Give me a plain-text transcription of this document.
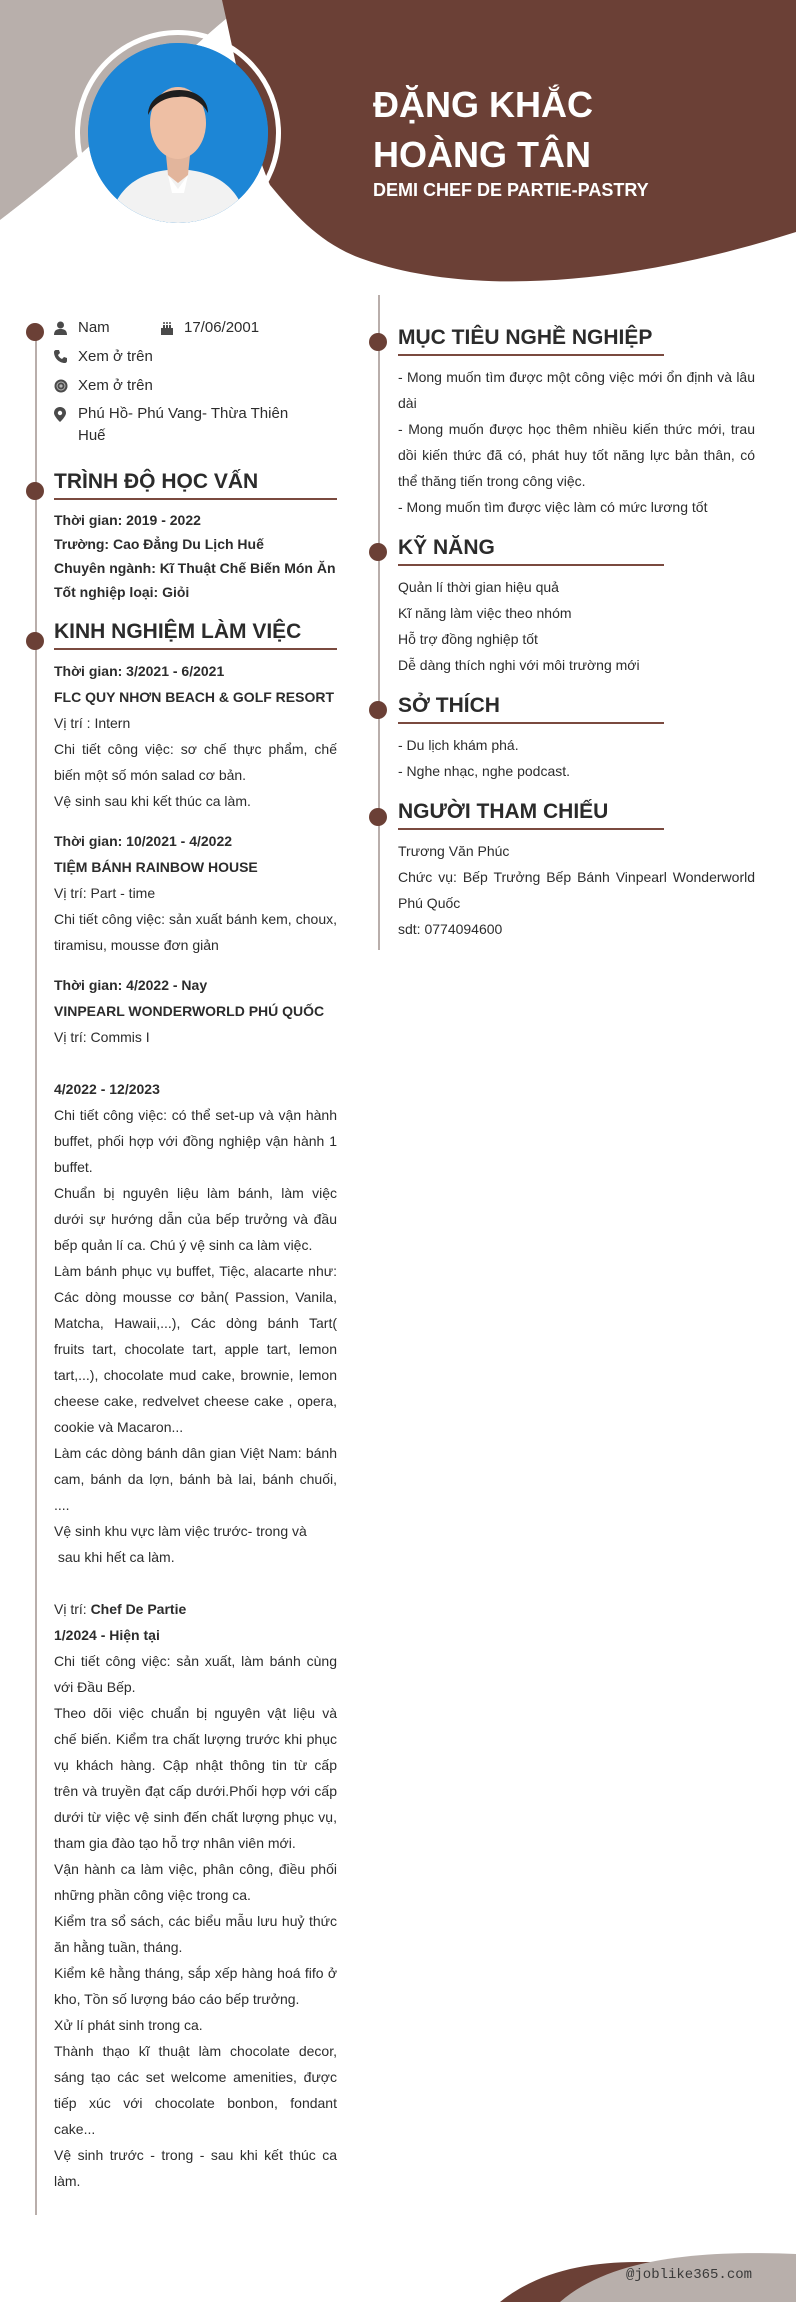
ĐẶNG KHẮC
HOÀNG TÂN
DEMI CHEF DE PARTIE-PASTRY
Nam	17/06/2001
Xem ở trên
Xem ở trên
Phú Hồ- Phú Vang- Thừa Thiên Huế
TRÌNH ĐỘ HỌC VẤN
Thời gian: 2019 - 2022
Trường: Cao Đẳng Du Lịch Huế
Chuyên ngành: Kĩ Thuật Chế Biến Món Ăn
Tốt nghiệp loại: Giỏi
KINH NGHIỆM LÀM VIỆC
Thời gian: 3/2021 - 6/2021
FLC QUY NHƠN BEACH & GOLF RESORT
Vị trí : Intern
Chi tiết công việc: sơ chế thực phẩm, chế biến một số món salad cơ bản.
Vệ sinh sau khi kết thúc ca làm.
Thời gian: 10/2021 - 4/2022
TIỆM BÁNH RAINBOW HOUSE
Vị trí: Part - time
Chi tiết công việc: sản xuất bánh kem, choux, tiramisu, mousse đơn giản
Thời gian: 4/2022 - Nay
VINPEARL WONDERWORLD PHÚ QUỐC
Vị trí: Commis I
4/2022 - 12/2023
Chi tiết công việc: có thể set-up và vận hành buffet, phối hợp với đồng nghiệp vận hành 1 buffet.
Chuẩn bị nguyên liệu làm bánh, làm việc dưới sự hướng dẫn của bếp trưởng và đầu bếp quản lí ca. Chú ý vệ sinh ca làm việc.
Làm bánh phục vụ buffet, Tiệc, alacarte như: Các dòng mousse cơ bản( Passion, Vanila, Matcha, Hawaii,...), Các dòng bánh Tart( fruits tart, chocolate tart, apple tart, lemon tart,...), chocolate mud cake, brownie, lemon cheese cake, redvelvet cheese cake , opera, cookie và Macaron...
Làm các dòng bánh dân gian Việt Nam: bánh cam, bánh da lợn, bánh bà lai, bánh chuối, ....
Vệ sinh khu vực làm việc trước- trong và
sau khi hết ca làm.
Vị trí: Chef De Partie
1/2024 - Hiện tại
Chi tiết công việc: sản xuất, làm bánh cùng với Đầu Bếp.
Theo dõi việc chuẩn bị nguyên vật liệu và chế biến. Kiểm tra chất lượng trước khi phục vụ khách hàng. Cập nhật thông tin từ cấp trên và truyền đạt cấp dưới.Phối hợp với cấp dưới từ việc vệ sinh đến chất lượng phục vụ, tham gia đào tạo hỗ trợ nhân viên mới.
Vận hành ca làm việc, phân công, điều phối những phần công việc trong ca.
Kiểm tra sổ sách, các biểu mẫu lưu huỷ thức ăn hằng tuần, tháng.
Kiểm kê hằng tháng, sắp xếp hàng hoá fifo ở kho, Tồn số lượng báo cáo bếp trưởng.
Xử lí phát sinh trong ca.
Thành thạo kĩ thuật làm chocolate decor, sáng tạo các set welcome amenities, được tiếp xúc với chocolate bonbon, fondant cake...
Vệ sinh trước - trong - sau khi kết thúc ca làm.
MỤC TIÊU NGHỀ NGHIỆP
- Mong muốn tìm được một công việc mới ổn định và lâu dài
- Mong muốn được học thêm nhiều kiến thức mới, trau dồi kiến thức đã có, phát huy tốt năng lực bản thân, có thể thăng tiến trong công việc.
- Mong muốn tìm được việc làm có mức lương tốt
KỸ NĂNG
Quản lí thời gian hiệu quả
Kĩ năng làm việc theo nhóm
Hỗ trợ đồng nghiệp tốt
Dễ dàng thích nghi với môi trường mới
SỞ THÍCH
- Du lịch khám phá.
- Nghe nhạc, nghe podcast.
NGƯỜI THAM CHIẾU
Trương Văn Phúc
Chức vụ: Bếp Trưởng Bếp Bánh Vinpearl Wonderworld Phú Quốc
sdt: 0774094600
@joblike365.com
